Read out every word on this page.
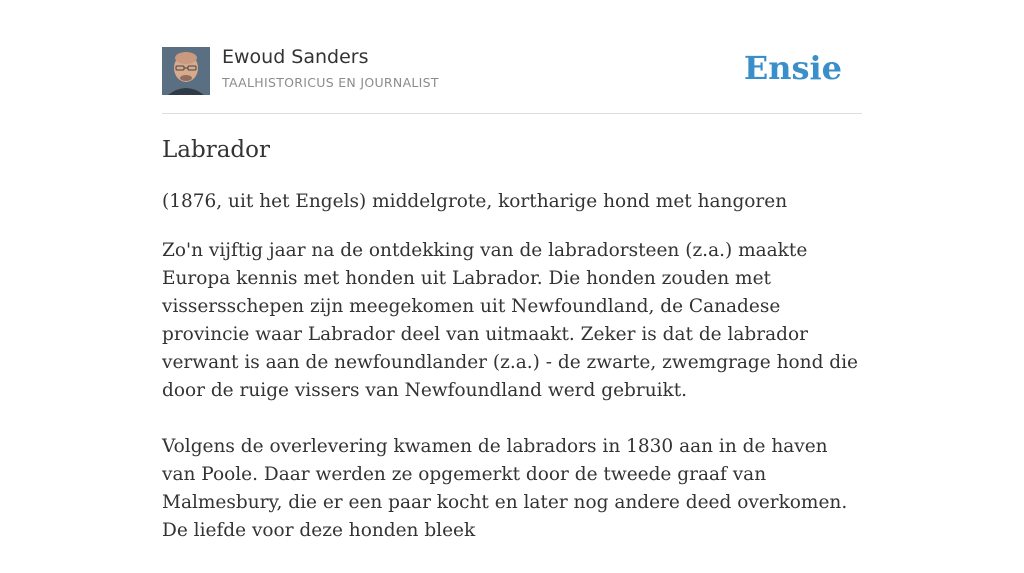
Ewoud Sanders
TAALHISTORICUS EN JOURNALIST	Ensie
Labrador

(1876, uit het Engels) middelgrote, kortharige hond met hangoren

Zo'n vijftig jaar na de ontdekking van de labradorsteen (z.a.) maakte Europa kennis met honden uit Labrador. Die honden zouden met vissersschepen zijn meegekomen uit Newfoundland, de Canadese provincie waar Labrador deel van uitmaakt. Zeker is dat de labrador verwant is aan de newfoundlander (z.a.) - de zwarte, zwemgrage hond die door de ruige vissers van Newfoundland werd gebruikt.

Volgens de overlevering kwamen de labradors in 1830 aan in de haven van Poole. Daar werden ze opgemerkt door de tweede graaf van Malmesbury, die er een paar kocht en later nog andere deed overkomen. De liefde voor deze honden bleek
